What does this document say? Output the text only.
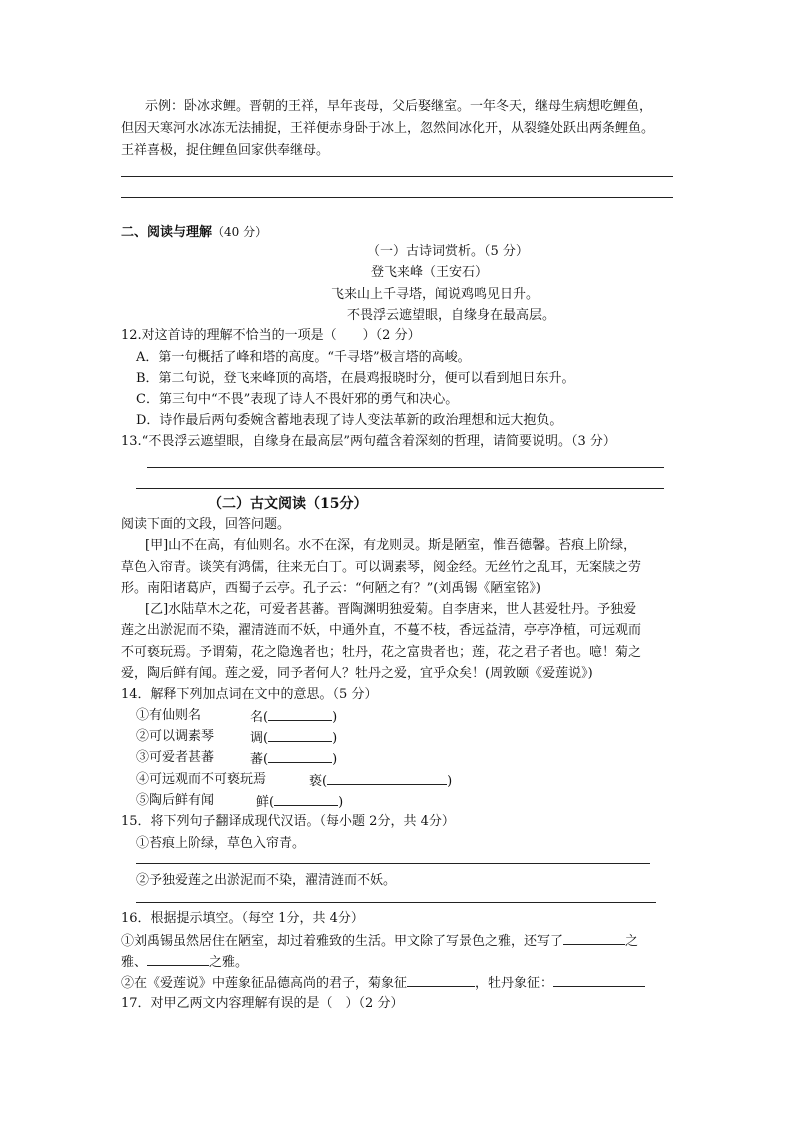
示例：卧冰求鲤。晋朝的王祥，早年丧母，父后娶继室。一年冬天，继母生病想吃鲤鱼，
但因天寒河水冰冻无法捕捉，王祥便赤身卧于冰上，忽然间冰化开，从裂缝处跃出两条鲤鱼。
王祥喜极，捉住鲤鱼回家供奉继母。
二、阅读与理解（40 分）
（一）古诗词赏析。（5 分）
登飞来峰（王安石）
飞来山上千寻塔，闻说鸡鸣见日升。
不畏浮云遮望眼，自缘身在最高层。
12.对这首诗的理解不恰当的一项是（　　）（2 分）
A．第一句概括了峰和塔的高度。“千寻塔”极言塔的高峻。
B．第二句说，登飞来峰顶的高塔，在晨鸡报晓时分，便可以看到旭日东升。
C．第三句中“不畏”表现了诗人不畏奸邪的勇气和决心。
D．诗作最后两句委婉含蓄地表现了诗人变法革新的政治理想和远大抱负。
13.“不畏浮云遮望眼，自缘身在最高层”两句蕴含着深刻的哲理，请简要说明。（3 分）
（二）古文阅读（15分）
阅读下面的文段，回答问题。
[甲]山不在高，有仙则名。水不在深，有龙则灵。斯是陋室，惟吾德馨。苔痕上阶绿，
草色入帘青。谈笑有鸿儒，往来无白丁。可以调素琴，阅金经。无丝竹之乱耳，无案牍之劳
形。南阳诸葛庐，西蜀子云亭。孔子云：“何陋之有？”(刘禹锡《陋室铭》)
[乙]水陆草木之花，可爱者甚蕃。晋陶渊明独爱菊。自李唐来，世人甚爱牡丹。予独爱
莲之出淤泥而不染，濯清涟而不妖，中通外直，不蔓不枝，香远益清，亭亭净植，可远观而
不可亵玩焉。予谓菊，花之隐逸者也；牡丹，花之富贵者也；莲，花之君子者也。噫！菊之
爱，陶后鲜有闻。莲之爱，同予者何人？牡丹之爱，宜乎众矣！(周敦颐《爱莲说》)
14．解释下列加点词在文中的意思。（5 分）
①有仙则名	名(	)
②可以调素琴	调(	)
③可爱者甚蕃	蕃(	)
④可远观而不可亵玩焉	亵(	)
⑤陶后鲜有闻	鲜(	)
15．将下列句子翻译成现代汉语。（每小题 2分，共 4分）
①苔痕上阶绿，草色入帘青。
②予独爱莲之出淤泥而不染，濯清涟而不妖。
16．根据提示填空。（每空 1分，共 4分）
①刘禹锡虽然居住在陋室，却过着雅致的生活。甲文除了写景色之雅，还写了	之
雅、	之雅。
②在《爱莲说》中莲象征品德高尚的君子，菊象征	，牡丹象征：
17．对甲乙两文内容理解有误的是（　）（2 分）
